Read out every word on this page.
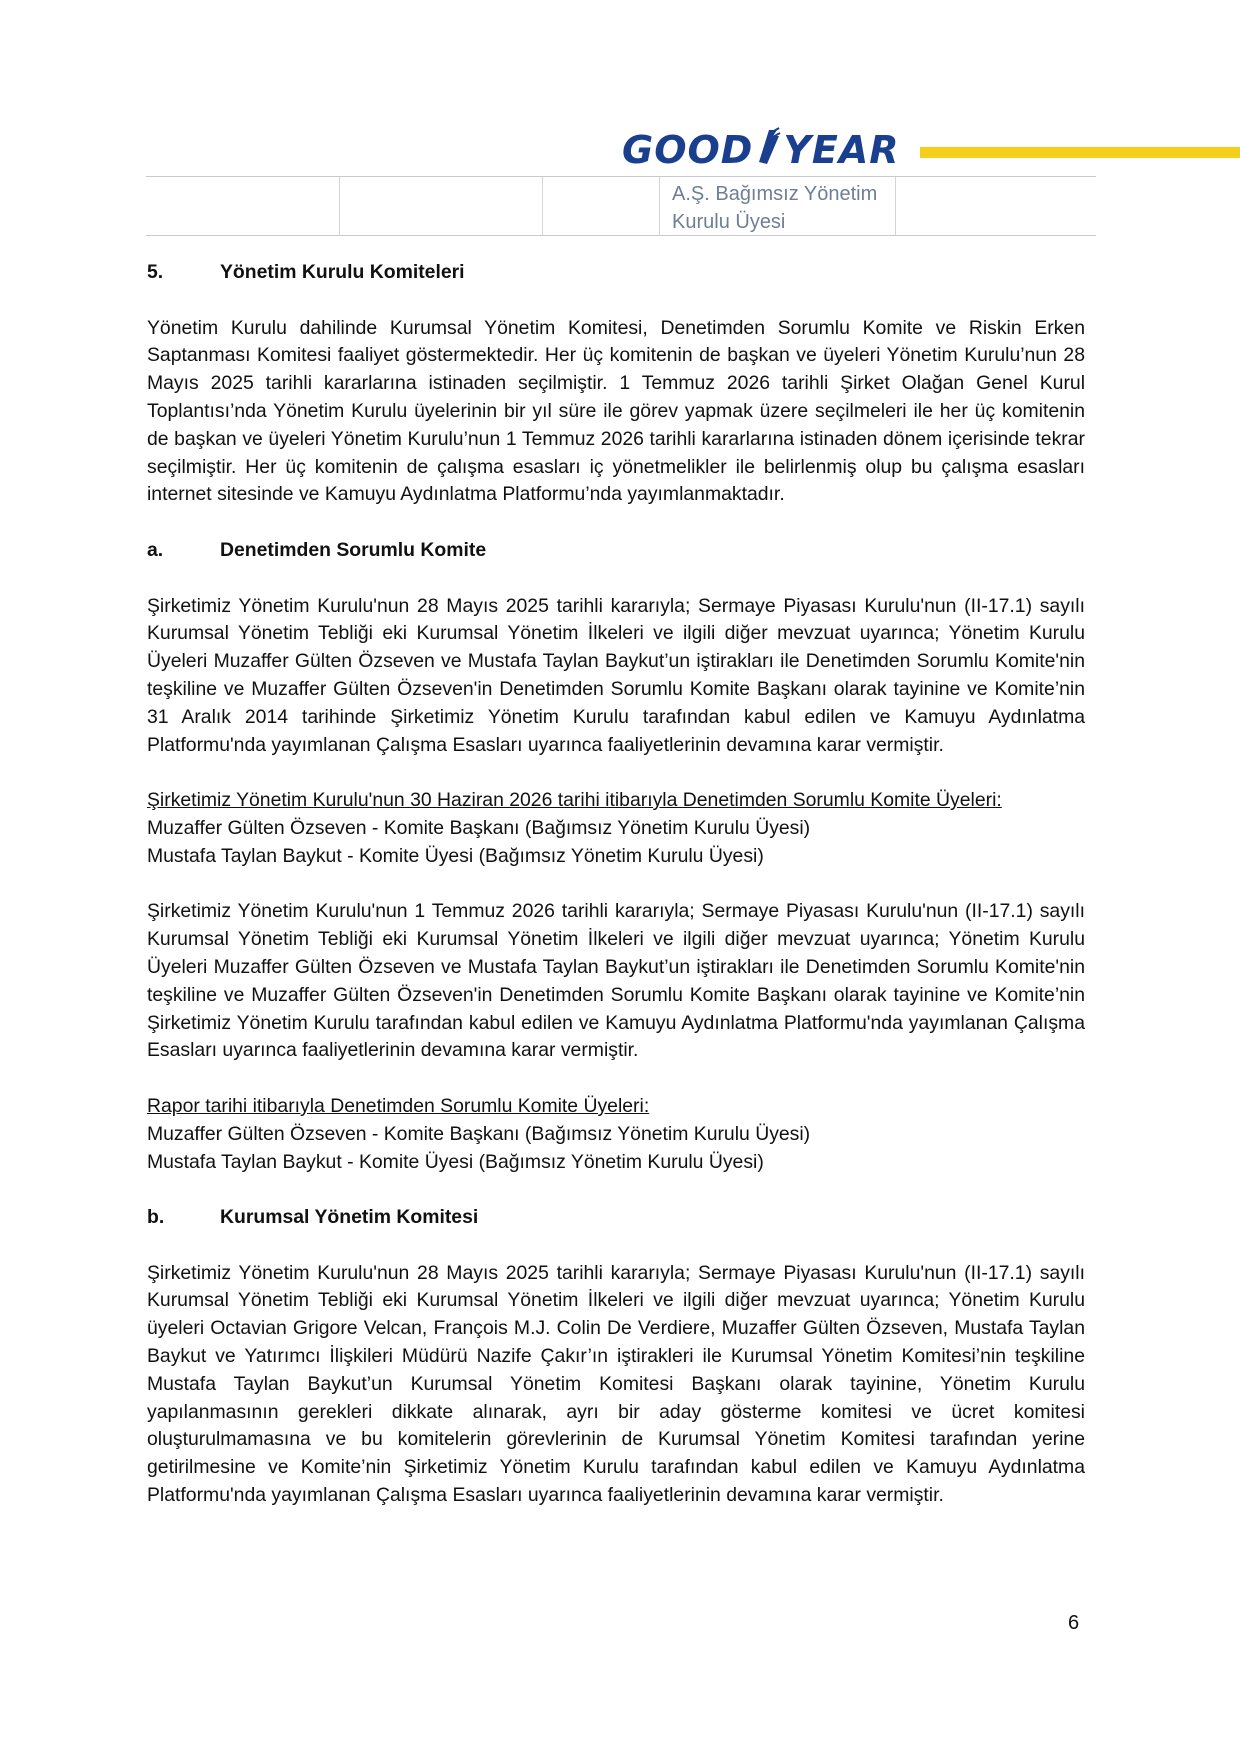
GOOD YEAR
A.Ş. Bağımsız Yönetim Kurulu Üyesi
5.	Yönetim Kurulu Komiteleri

Yönetim Kurulu dahilinde Kurumsal Yönetim Komitesi, Denetimden Sorumlu Komite ve Riskin Erken Saptanması Komitesi faaliyet göstermektedir. Her üç komitenin de başkan ve üyeleri Yönetim Kurulu’nun 28 Mayıs 2025 tarihli kararlarına istinaden seçilmiştir. 1 Temmuz 2026 tarihli Şirket Olağan Genel Kurul Toplantısı’nda Yönetim Kurulu üyelerinin bir yıl süre ile görev yapmak üzere seçilmeleri ile her üç komitenin de başkan ve üyeleri Yönetim Kurulu’nun 1 Temmuz 2026 tarihli kararlarına istinaden dönem içerisinde tekrar seçilmiştir. Her üç komitenin de çalışma esasları iç yönetmelikler ile belirlenmiş olup bu çalışma esasları internet sitesinde ve Kamuyu Aydınlatma Platformu’nda yayımlanmaktadır.

a.	Denetimden Sorumlu Komite

Şirketimiz Yönetim Kurulu'nun 28 Mayıs 2025 tarihli kararıyla; Sermaye Piyasası Kurulu'nun (II-17.1) sayılı Kurumsal Yönetim Tebliği eki Kurumsal Yönetim İlkeleri ve ilgili diğer mevzuat uyarınca; Yönetim Kurulu Üyeleri Muzaffer Gülten Özseven ve Mustafa Taylan Baykut’un iştirakları ile Denetimden Sorumlu Komite'nin teşkiline ve Muzaffer Gülten Özseven'in Denetimden Sorumlu Komite Başkanı olarak tayinine ve Komite’nin 31 Aralık 2014 tarihinde Şirketimiz Yönetim Kurulu tarafından kabul edilen ve Kamuyu Aydınlatma Platformu'nda yayımlanan Çalışma Esasları uyarınca faaliyetlerinin devamına karar vermiştir.

Şirketimiz Yönetim Kurulu'nun 30 Haziran 2026 tarihi itibarıyla Denetimden Sorumlu Komite Üyeleri:

Muzaffer Gülten Özseven - Komite Başkanı (Bağımsız Yönetim Kurulu Üyesi)

Mustafa Taylan Baykut - Komite Üyesi (Bağımsız Yönetim Kurulu Üyesi)

Şirketimiz Yönetim Kurulu'nun 1 Temmuz 2026 tarihli kararıyla; Sermaye Piyasası Kurulu'nun (II-17.1) sayılı Kurumsal Yönetim Tebliği eki Kurumsal Yönetim İlkeleri ve ilgili diğer mevzuat uyarınca; Yönetim Kurulu Üyeleri Muzaffer Gülten Özseven ve Mustafa Taylan Baykut’un iştirakları ile Denetimden Sorumlu Komite'nin teşkiline ve Muzaffer Gülten Özseven'in Denetimden Sorumlu Komite Başkanı olarak tayinine ve Komite’nin Şirketimiz Yönetim Kurulu tarafından kabul edilen ve Kamuyu Aydınlatma Platformu'nda yayımlanan Çalışma Esasları uyarınca faaliyetlerinin devamına karar vermiştir.

Rapor tarihi itibarıyla Denetimden Sorumlu Komite Üyeleri:

Muzaffer Gülten Özseven - Komite Başkanı (Bağımsız Yönetim Kurulu Üyesi)

Mustafa Taylan Baykut - Komite Üyesi (Bağımsız Yönetim Kurulu Üyesi)

b.	Kurumsal Yönetim Komitesi

Şirketimiz Yönetim Kurulu'nun 28 Mayıs 2025 tarihli kararıyla; Sermaye Piyasası Kurulu'nun (II-17.1) sayılı Kurumsal Yönetim Tebliği eki Kurumsal Yönetim İlkeleri ve ilgili diğer mevzuat uyarınca; Yönetim Kurulu üyeleri Octavian Grigore Velcan, François M.J. Colin De Verdiere, Muzaffer Gülten Özseven, Mustafa Taylan Baykut ve Yatırımcı İlişkileri Müdürü Nazife Çakır’ın iştirakleri ile Kurumsal Yönetim Komitesi’nin teşkiline Mustafa Taylan Baykut’un Kurumsal Yönetim Komitesi Başkanı olarak tayinine, Yönetim Kurulu yapılanmasının gerekleri dikkate alınarak, ayrı bir aday gösterme komitesi ve ücret komitesi oluşturulmamasına ve bu komitelerin görevlerinin de Kurumsal Yönetim Komitesi tarafından yerine getirilmesine ve Komite’nin Şirketimiz Yönetim Kurulu tarafından kabul edilen ve Kamuyu Aydınlatma Platformu'nda yayımlanan Çalışma Esasları uyarınca faaliyetlerinin devamına karar vermiştir.

6
